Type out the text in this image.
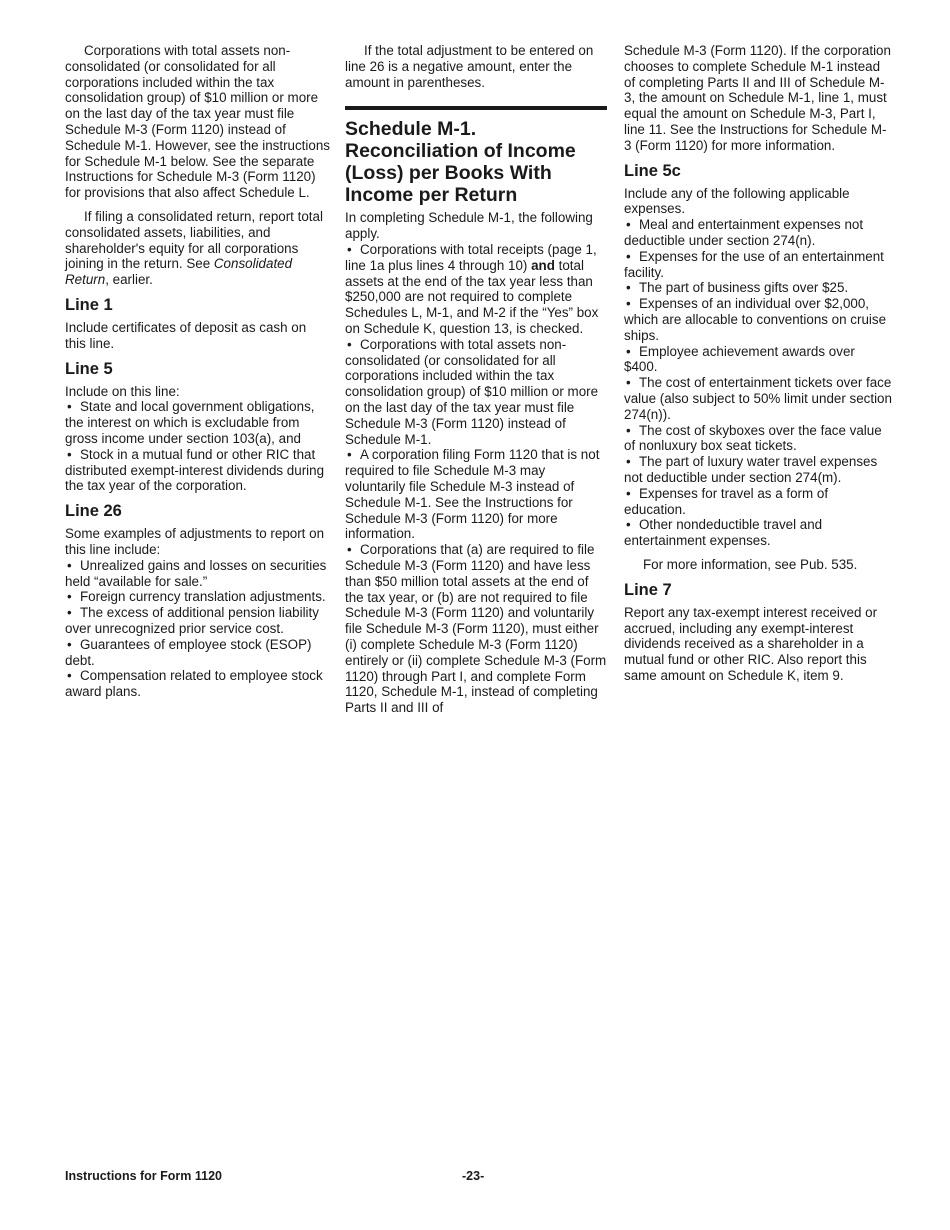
Corporations with total assets non-consolidated (or consolidated for all corporations included within the tax consolidation group) of $10 million or more on the last day of the tax year must file Schedule M-3 (Form 1120) instead of Schedule M-1. However, see the instructions for Schedule M-1 below. See the separate Instructions for Schedule M-3 (Form 1120) for provisions that also affect Schedule L.

If filing a consolidated return, report total consolidated assets, liabilities, and shareholder's equity for all corporations joining in the return. See Consolidated Return, earlier.

Line 1

Include certificates of deposit as cash on this line.

Line 5

Include on this line:

• State and local government obligations, the interest on which is excludable from gross income under section 103(a), and
• Stock in a mutual fund or other RIC that distributed exempt-interest dividends during the tax year of the corporation.
Line 26

Some examples of adjustments to report on this line include:

• Unrealized gains and losses on securities held “available for sale.”
• Foreign currency translation adjustments.
• The excess of additional pension liability over unrecognized prior service cost.
• Guarantees of employee stock (ESOP) debt.
• Compensation related to employee stock award plans.

If the total adjustment to be entered on line 26 is a negative amount, enter the amount in parentheses.

Schedule M-1. Reconciliation of Income (Loss) per Books With Income per Return

In completing Schedule M-1, the following apply.

• Corporations with total receipts (page 1, line 1a plus lines 4 through 10) and total assets at the end of the tax year less than $250,000 are not required to complete Schedules L, M-1, and M-2 if the “Yes” box on Schedule K, question 13, is checked.
• Corporations with total assets non-consolidated (or consolidated for all corporations included within the tax consolidation group) of $10 million or more on the last day of the tax year must file Schedule M-3 (Form 1120) instead of Schedule M-1.
• A corporation filing Form 1120 that is not required to file Schedule M-3 may voluntarily file Schedule M-3 instead of Schedule M-1. See the Instructions for Schedule M-3 (Form 1120) for more information.
• Corporations that (a) are required to file Schedule M-3 (Form 1120) and have less than $50 million total assets at the end of the tax year, or (b) are not required to file Schedule M-3 (Form 1120) and voluntarily file Schedule M-3 (Form 1120), must either (i) complete Schedule M-3 (Form 1120) entirely or (ii) complete Schedule M-3 (Form 1120) through Part I, and complete Form 1120, Schedule M-1, instead of completing Parts II and III of

Schedule M-3 (Form 1120). If the corporation chooses to complete Schedule M-1 instead of completing Parts II and III of Schedule M-3, the amount on Schedule M-1, line 1, must equal the amount on Schedule M-3, Part I, line 11. See the Instructions for Schedule M-3 (Form 1120) for more information.

Line 5c

Include any of the following applicable expenses.

• Meal and entertainment expenses not deductible under section 274(n).
• Expenses for the use of an entertainment facility.
• The part of business gifts over $25.
• Expenses of an individual over $2,000, which are allocable to conventions on cruise ships.
• Employee achievement awards over $400.
• The cost of entertainment tickets over face value (also subject to 50% limit under section 274(n)).
• The cost of skyboxes over the face value of nonluxury box seat tickets.
• The part of luxury water travel expenses not deductible under section 274(m).
• Expenses for travel as a form of education.
• Other nondeductible travel and entertainment expenses.

For more information, see Pub. 535.

Line 7

Report any tax-exempt interest received or accrued, including any exempt-interest dividends received as a shareholder in a mutual fund or other RIC. Also report this same amount on Schedule K, item 9.

Instructions for Form 1120	-23-
